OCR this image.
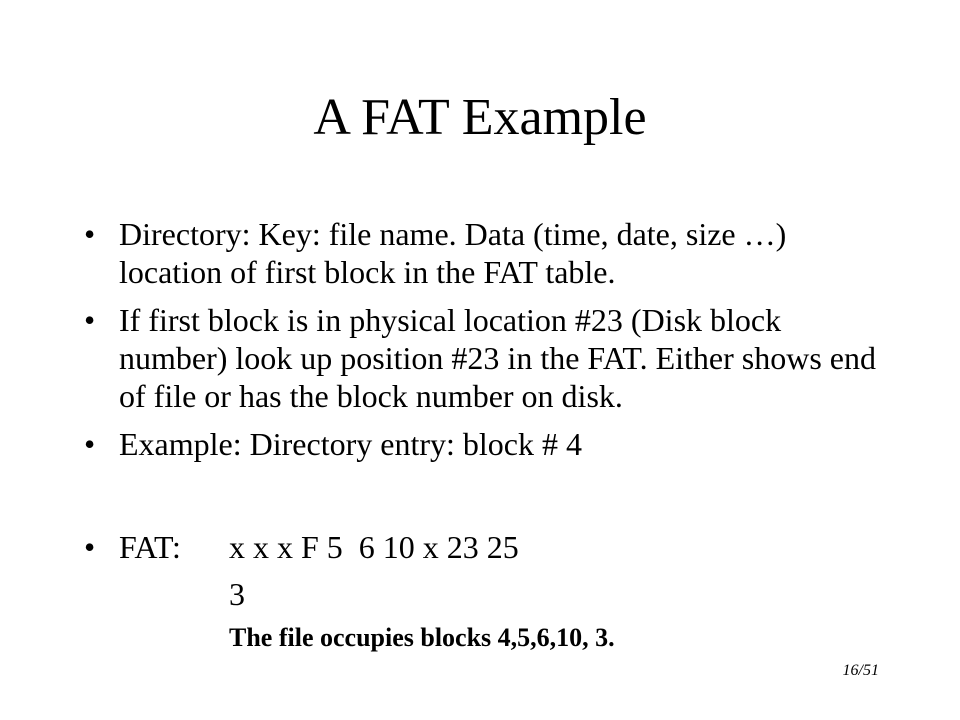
A FAT Example
• Directory: Key: file name. Data (time, date, size …) location of first block in the FAT table.
• If first block is in physical location #23 (Disk block number) look up position #23 in the FAT. Either shows end of file or has the block number on disk.
• Example: Directory entry: block # 4

•

FAT:

x x x F 5  6 10 x 23 25

3
The file occupies blocks 4,5,6,10, 3.
16/51
